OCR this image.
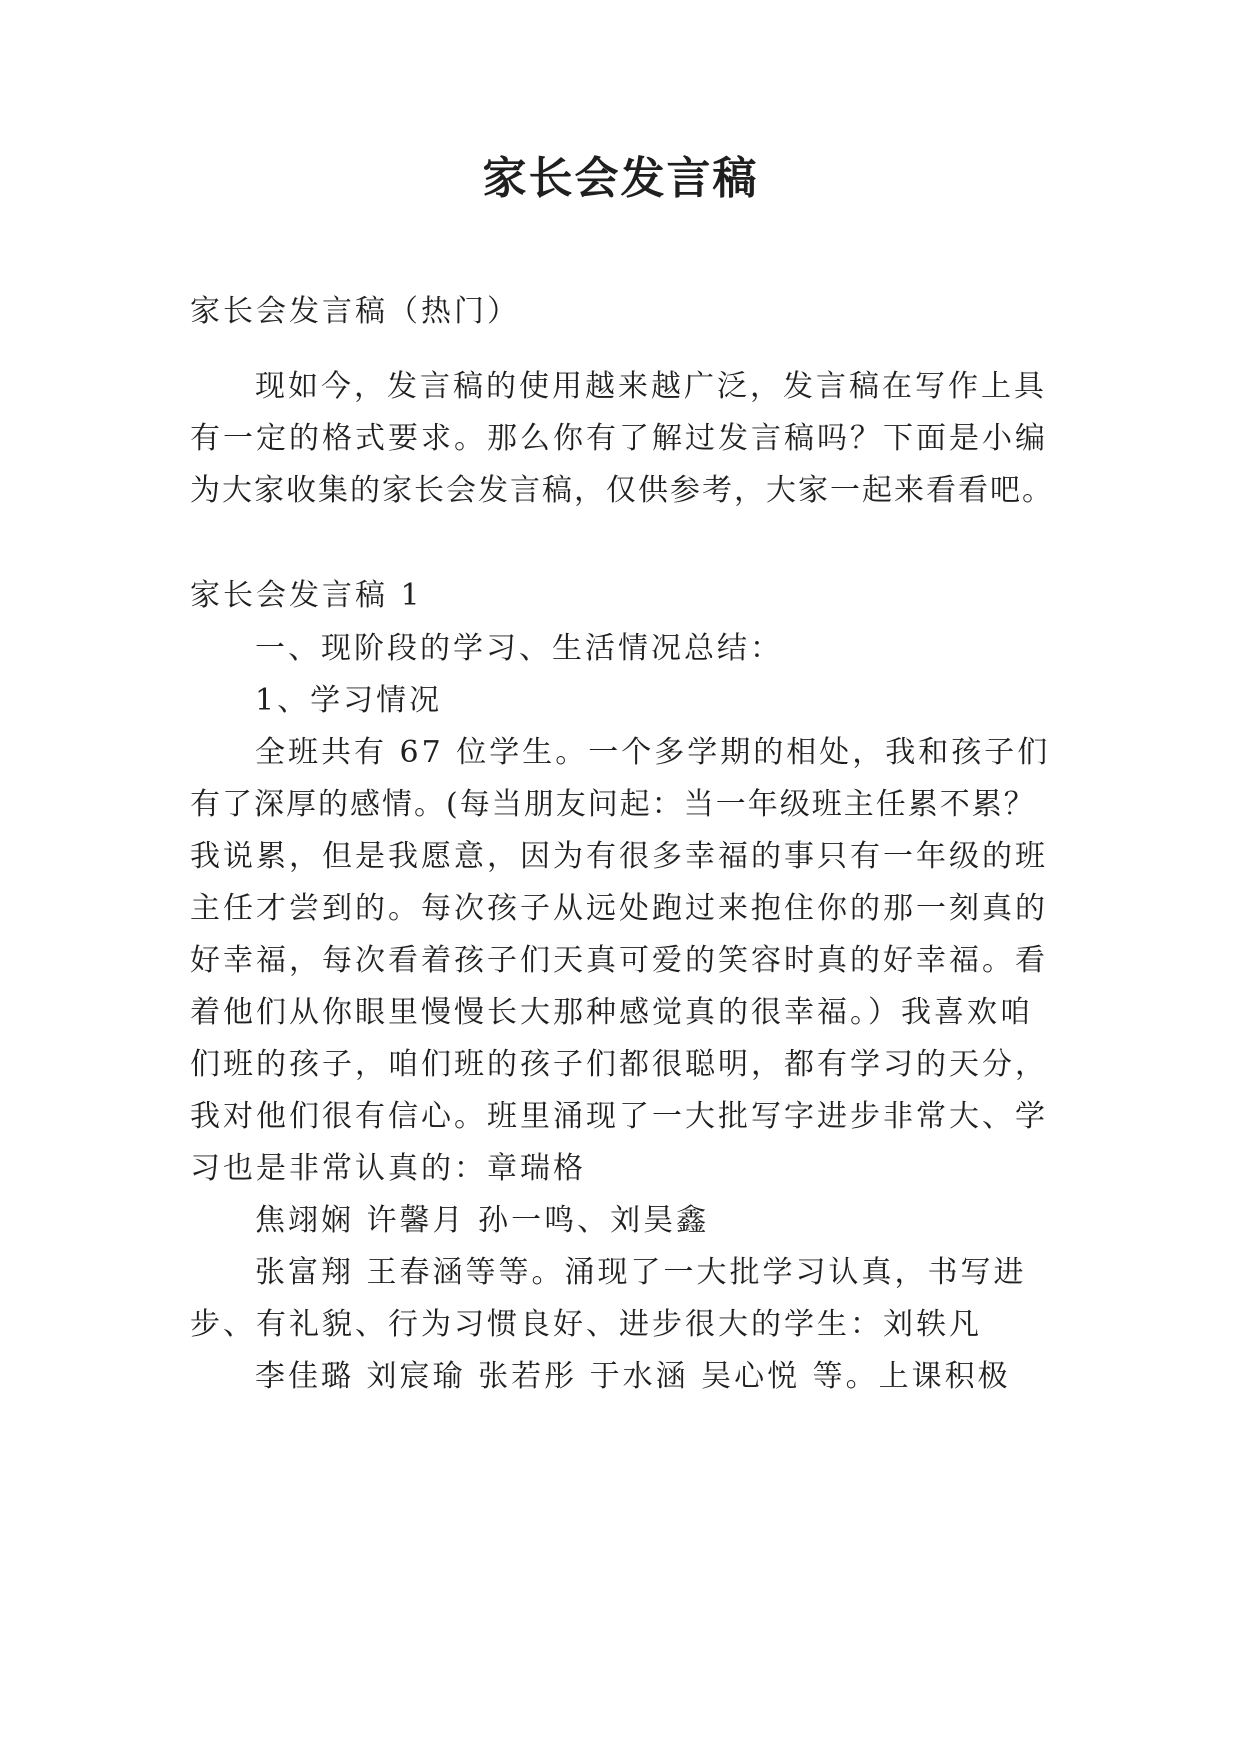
家长会发言稿
家长会发言稿（热门）
现如今，发言稿的使用越来越广泛，发言稿在写作上具
有一定的格式要求。那么你有了解过发言稿吗？下面是小编
为大家收集的家长会发言稿，仅供参考，大家一起来看看吧。
家长会发言稿 1
一、现阶段的学习、生活情况总结：
1、学习情况
全班共有 67 位学生。一个多学期的相处，我和孩子们
有了深厚的感情。(每当朋友问起：当一年级班主任累不累？
我说累，但是我愿意，因为有很多幸福的事只有一年级的班
主任才尝到的。每次孩子从远处跑过来抱住你的那一刻真的
好幸福，每次看着孩子们天真可爱的笑容时真的好幸福。看
着他们从你眼里慢慢长大那种感觉真的很幸福。）我喜欢咱
们班的孩子，咱们班的孩子们都很聪明，都有学习的天分，
我对他们很有信心。班里涌现了一大批写字进步非常大、学
习也是非常认真的：章瑞格
焦翊娴 许馨月 孙一鸣、刘昊鑫
张富翔 王春涵等等。涌现了一大批学习认真，书写进
步、有礼貌、行为习惯良好、进步很大的学生：刘轶凡
李佳璐 刘宸瑜 张若彤 于水涵 吴心悦 等。上课积极
